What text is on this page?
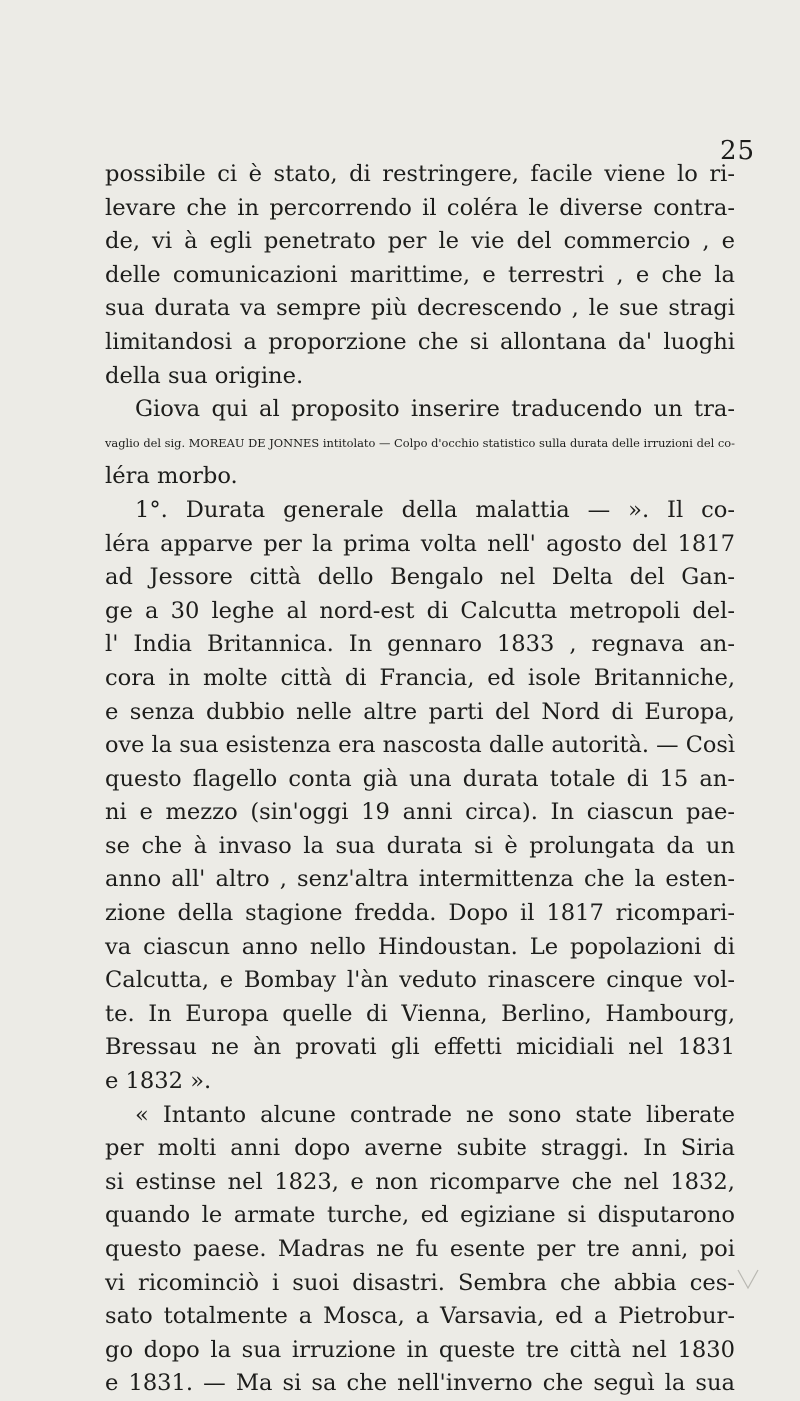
25
possibile ci è stato, di restringere, facile viene lo ri-
levare che in percorrendo il coléra le diverse contra-
de, vi à egli penetrato per le vie del commercio , e
delle comunicazioni marittime, e terrestri , e che la
sua durata va sempre più decrescendo , le sue stragi
limitandosi a proporzione che si allontana da' luoghi
della sua origine.
Giova qui al proposito inserire traducendo un tra-
vaglio del sig. MOREAU DE JONNES intitolato — Colpo d'occhio statistico sulla durata delle irruzioni del co-
léra morbo.
1°. Durata generale della malattia — ». Il co-
léra apparve per la prima volta nell' agosto del 1817
ad Jessore città dello Bengalo nel Delta del Gan-
ge a 30 leghe al nord-est di Calcutta metropoli del-
l' India Britannica. In gennaro 1833 , regnava an-
cora in molte città di Francia, ed isole Britanniche,
e senza dubbio nelle altre parti del Nord di Europa,
ove la sua esistenza era nascosta dalle autorità. — Così
questo flagello conta già una durata totale di 15 an-
ni e mezzo (sin'oggi 19 anni circa). In ciascun pae-
se che à invaso la sua durata si è prolungata da un
anno all' altro , senz'altra intermittenza che la esten-
zione della stagione fredda. Dopo il 1817 ricompari-
va ciascun anno nello Hindoustan. Le popolazioni di
Calcutta, e Bombay l'àn veduto rinascere cinque vol-
te. In Europa quelle di Vienna, Berlino, Hambourg,
Bressau ne àn provati gli effetti micidiali nel 1831
e 1832 ».
« Intanto alcune contrade ne sono state liberate
per molti anni dopo averne subite straggi. In Siria
si estinse nel 1823, e non ricomparve che nel 1832,
quando le armate turche, ed egiziane si disputarono
questo paese. Madras ne fu esente per tre anni, poi
vi ricominciò i suoi disastri. Sembra che abbia ces-
sato totalmente a Mosca, a Varsavia, ed a Pietrobur-
go dopo la sua irruzione in queste tre città nel 1830
e 1831. — Ma si sa che nell'inverno che seguì la sua
